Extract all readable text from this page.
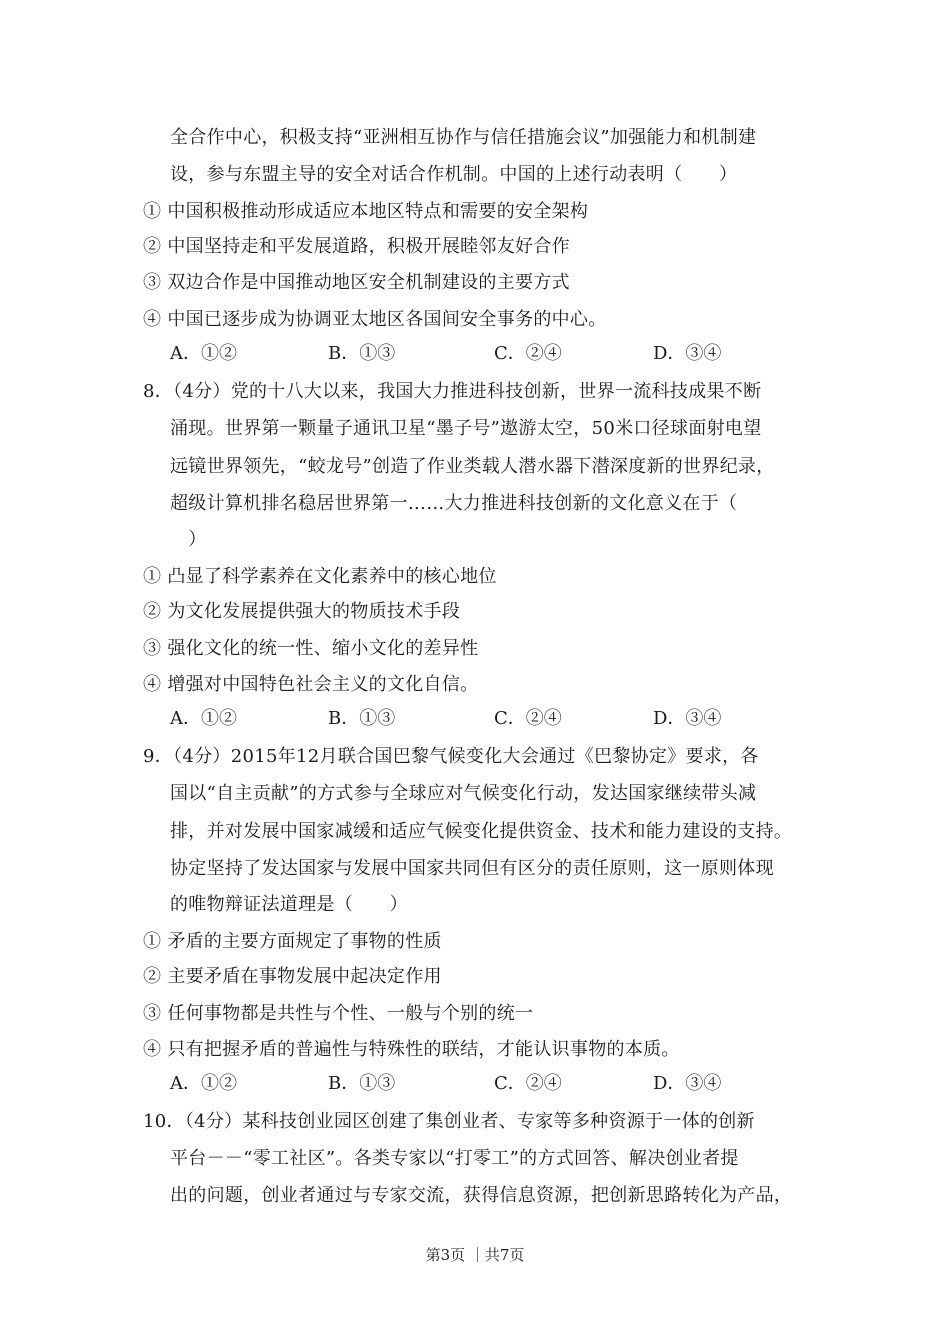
全合作中心，积极支持“亚洲相互协作与信任措施会议”加强能力和机制建
设，参与东盟主导的安全对话合作机制。中国的上述行动表明（　　）
① 中国积极推动形成适应本地区特点和需要的安全架构
② 中国坚持走和平发展道路，积极开展睦邻友好合作
③ 双边合作是中国推动地区安全机制建设的主要方式
④ 中国已逐步成为协调亚太地区各国间安全事务的中心。
A．①②	B．①③	C．②④	D．③④
8．（4分）党的十八大以来，我国大力推进科技创新，世界一流科技成果不断
涌现。世界第一颗量子通讯卫星“墨子号”遨游太空，50米口径球面射电望
远镜世界领先，“蛟龙号”创造了作业类载人潜水器下潜深度新的世界纪录，
超级计算机排名稳居世界第一……大力推进科技创新的文化意义在于（
　）
① 凸显了科学素养在文化素养中的核心地位
② 为文化发展提供强大的物质技术手段
③ 强化文化的统一性、缩小文化的差异性
④ 增强对中国特色社会主义的文化自信。
A．①②	B．①③	C．②④	D．③④
9．（4分）2015年12月联合国巴黎气候变化大会通过《巴黎协定》要求，各
国以“自主贡献”的方式参与全球应对气候变化行动，发达国家继续带头减
排，并对发展中国家减缓和适应气候变化提供资金、技术和能力建设的支持。
协定坚持了发达国家与发展中国家共同但有区分的责任原则，这一原则体现
的唯物辩证法道理是（　　）
① 矛盾的主要方面规定了事物的性质
② 主要矛盾在事物发展中起决定作用
③ 任何事物都是共性与个性、一般与个别的统一
④ 只有把握矛盾的普遍性与特殊性的联结，才能认识事物的本质。
A．①②	B．①③	C．②④	D．③④
10．（4分）某科技创业园区创建了集创业者、专家等多种资源于一体的创新
平台－－“零工社区”。各类专家以“打零工”的方式回答、解决创业者提
出的问题，创业者通过与专家交流，获得信息资源，把创新思路转化为产品，
第3页 ｜共7页
